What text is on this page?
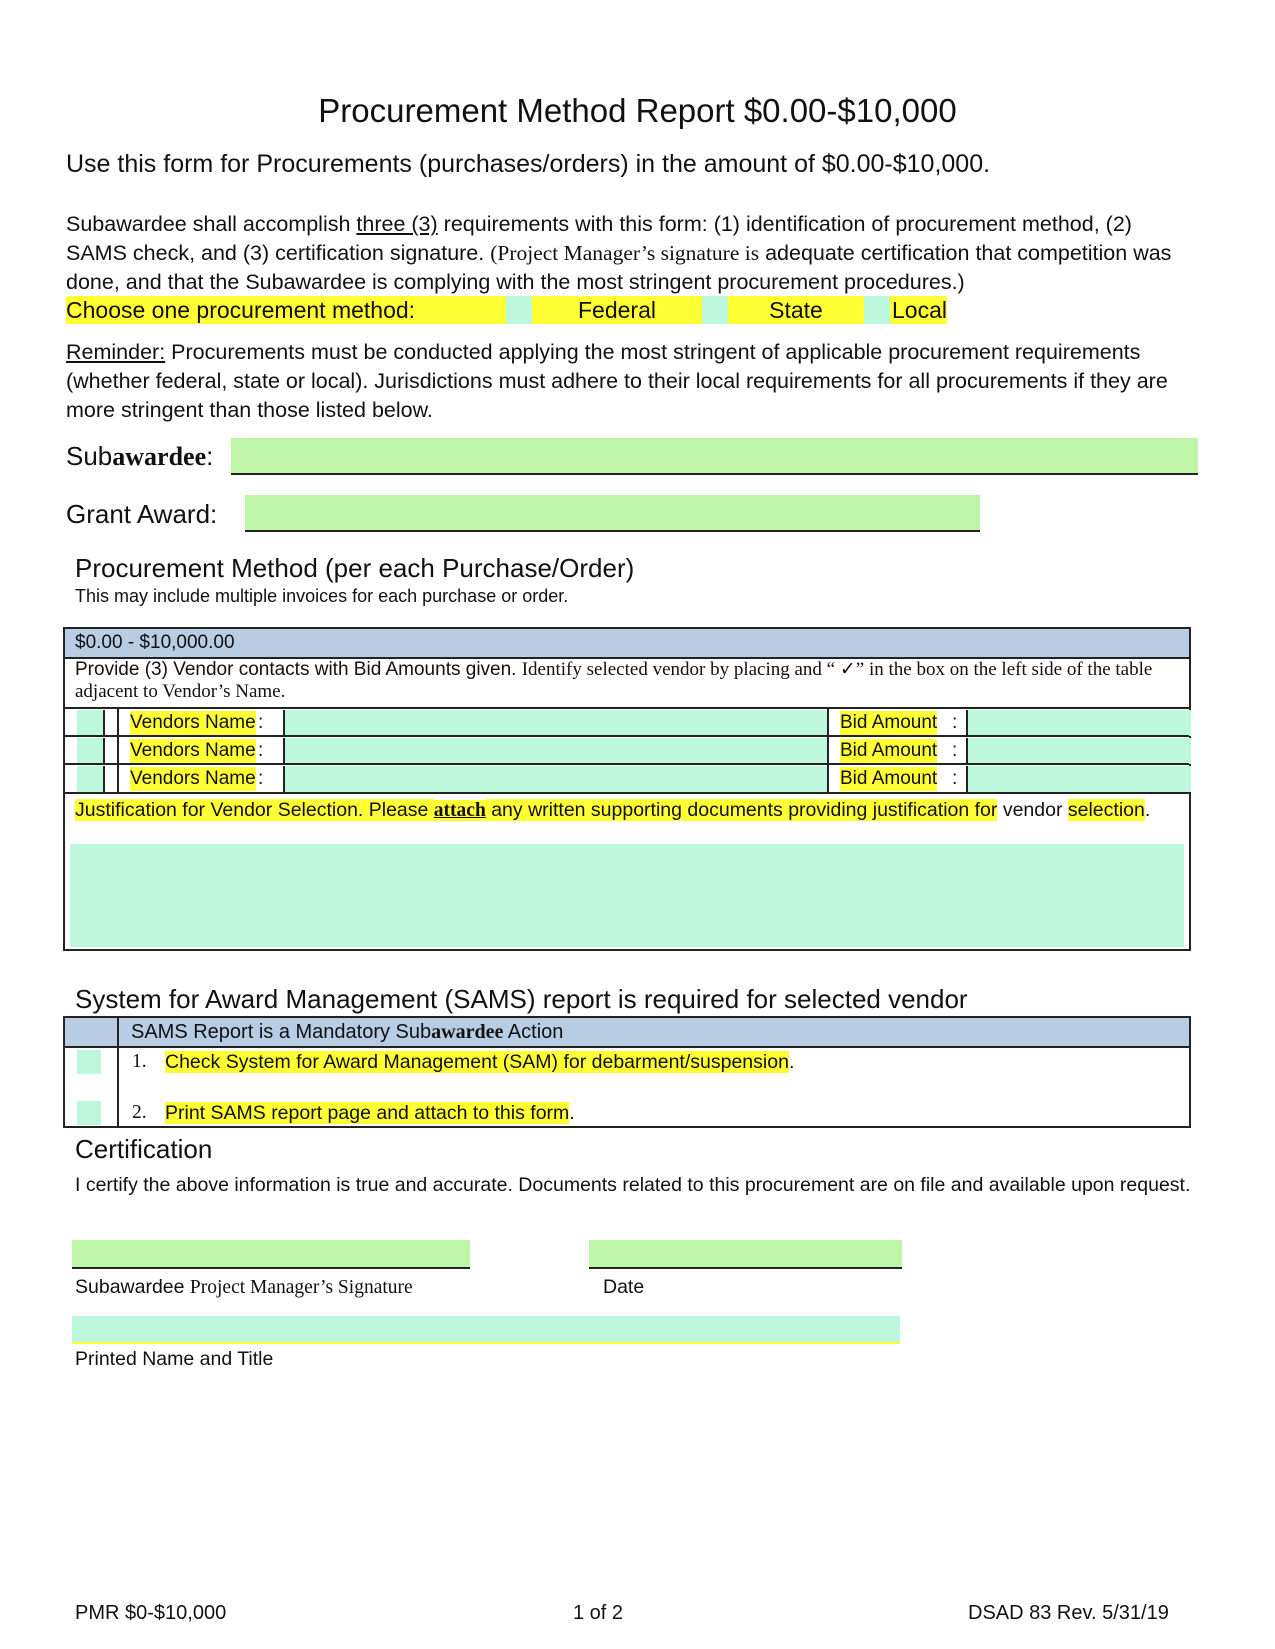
Procurement Method Report $0.00-$10,000
Use this form for Procurements (purchases/orders) in the amount of $0.00-$10,000.
Subawardee shall accomplish three (3) requirements with this form: (1) identification of procurement method, (2) SAMS check, and (3) certification signature. (Project Manager’s signature is adequate certification that competition was done, and that the Subawardee is complying with the most stringent procurement procedures.)
Choose one procurement method:	Federal	State	Local
Reminder: Procurements must be conducted applying the most stringent of applicable procurement requirements (whether federal, state or local). Jurisdictions must adhere to their local requirements for all procurements if they are more stringent than those listed below.
Subawardee:
Grant Award:
Procurement Method (per each Purchase/Order)
This may include multiple invoices for each purchase or order.
$0.00 - $10,000.00
Provide (3) Vendor contacts with Bid Amounts given. Identify selected vendor by placing and “ ✓” in the box on the left side of the table adjacent to Vendor’s Name.
Vendors Name :	Bid Amount :
Vendors Name :	Bid Amount :
Vendors Name :	Bid Amount :
Justification for Vendor Selection. Please attach any written supporting documents providing justification for vendor selection.
System for Award Management (SAMS) report is required for selected vendor
SAMS Report is a Mandatory Subawardee Action
1. Check System for Award Management (SAM) for debarment/suspension.
2. Print SAMS report page and attach to this form.
Certification
I certify the above information is true and accurate. Documents related to this procurement are on file and available upon request.
Subawardee Project Manager’s Signature	Date
Printed Name and Title
PMR $0-$10,000	1 of 2	DSAD 83 Rev. 5/31/19
